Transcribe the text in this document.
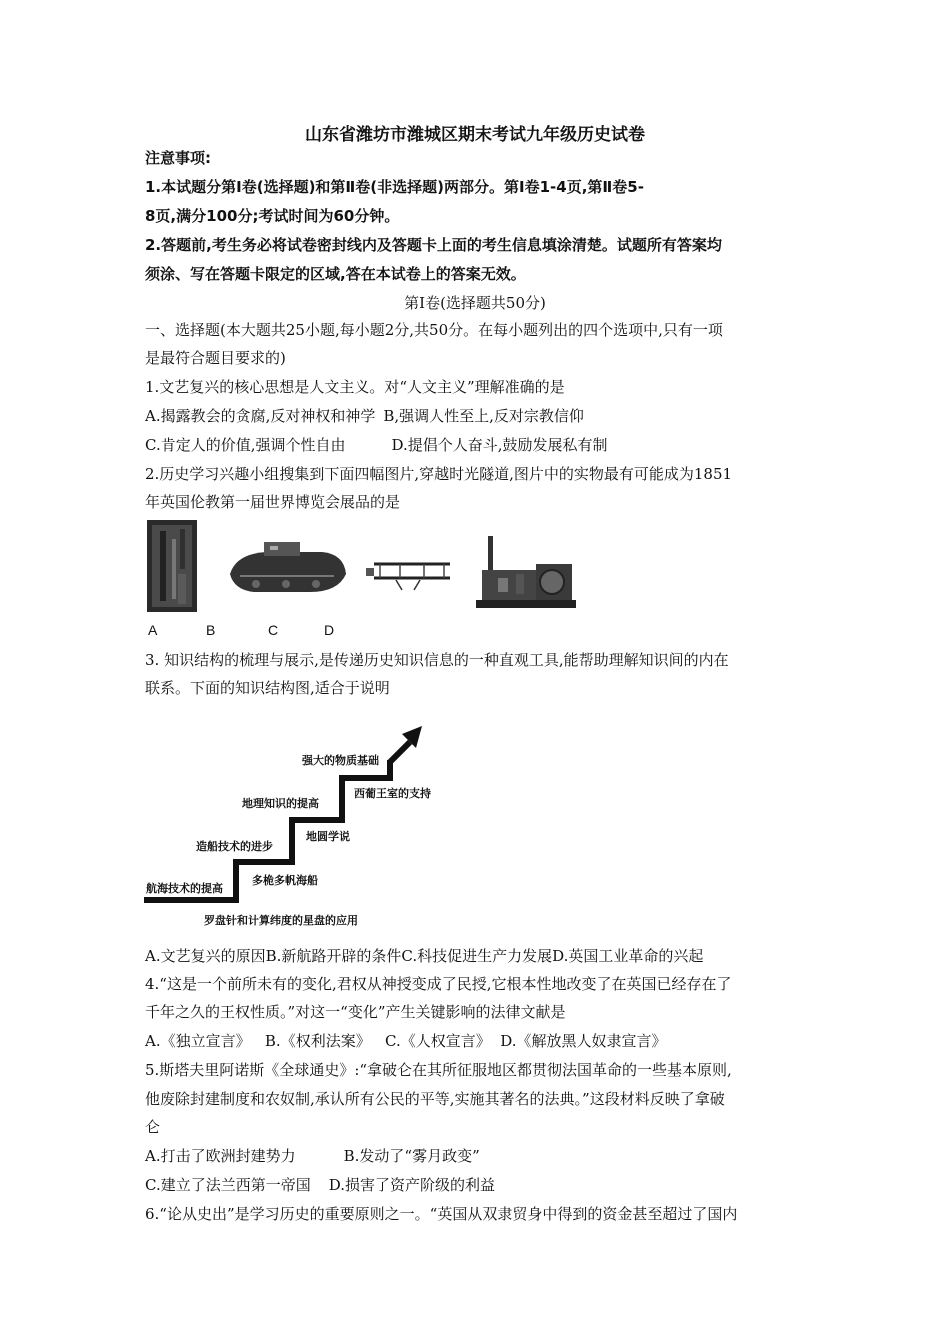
山东省潍坊市潍城区期末考试九年级历史试卷
注意事项:
1.本试题分第Ⅰ卷(选择题)和第Ⅱ卷(非选择题)两部分。第Ⅰ卷1-4页,第Ⅱ卷5-
8页,满分100分;考试时间为60分钟。
2.答题前,考生务必将试卷密封线内及答题卡上面的考生信息填涂清楚。试题所有答案均
须涂、写在答题卡限定的区域,答在本试卷上的答案无效。
第Ⅰ卷(选择题共50分)
一、选择题(本大题共25小题,每小题2分,共50分。在每小题列出的四个选项中,只有一项
是最符合题目要求的)
1.文艺复兴的核心思想是人文主义。对“人文主义”理解准确的是
A.揭露教会的贪腐,反对神权和神学 B,强调人性至上,反对宗教信仰
C.肯定人的价值,强调个性自由	D.提倡个人奋斗,鼓励发展私有制
2.历史学习兴趣小组搜集到下面四幅图片,穿越时光隧道,图片中的实物最有可能成为1851
年英国伦教第一届世界博览会展品的是
A	B	C	D
3. 知识结构的梳理与展示,是传递历史知识信息的一种直观工具,能帮助理解知识间的内在
联系。下面的知识结构图,适合于说明
强大的物质基础
地理知识的提高
西葡王室的支持
造船技术的进步
地圆学说
航海技术的提高
多桅多帆海船
罗盘针和计算纬度的星盘的应用
A.文艺复兴的原因B.新航路开辟的条件C.科技促进生产力发展D.英国工业革命的兴起
4.“这是一个前所未有的变化,君权从神授变成了民授,它根本性地改变了在英国已经存在了
千年之久的王权性质。”对这一“变化”产生关键影响的法律文献是
A.《独立宣言》   B.《权利法案》   C.《人权宣言》  D.《解放黑人奴隶宣言》
5.斯塔夫里阿诺斯《全球通史》:“拿破仑在其所征服地区都贯彻法国革命的一些基本原则,
他废除封建制度和农奴制,承认所有公民的平等,实施其著名的法典。”这段材料反映了拿破
仑
A.打击了欧洲封建势力	B.发动了“雾月政变”
C.建立了法兰西第一帝国 D.损害了资产阶级的利益
6.“论从史出”是学习历史的重要原则之一。“英国从双隶贸身中得到的资金甚至超过了国内
